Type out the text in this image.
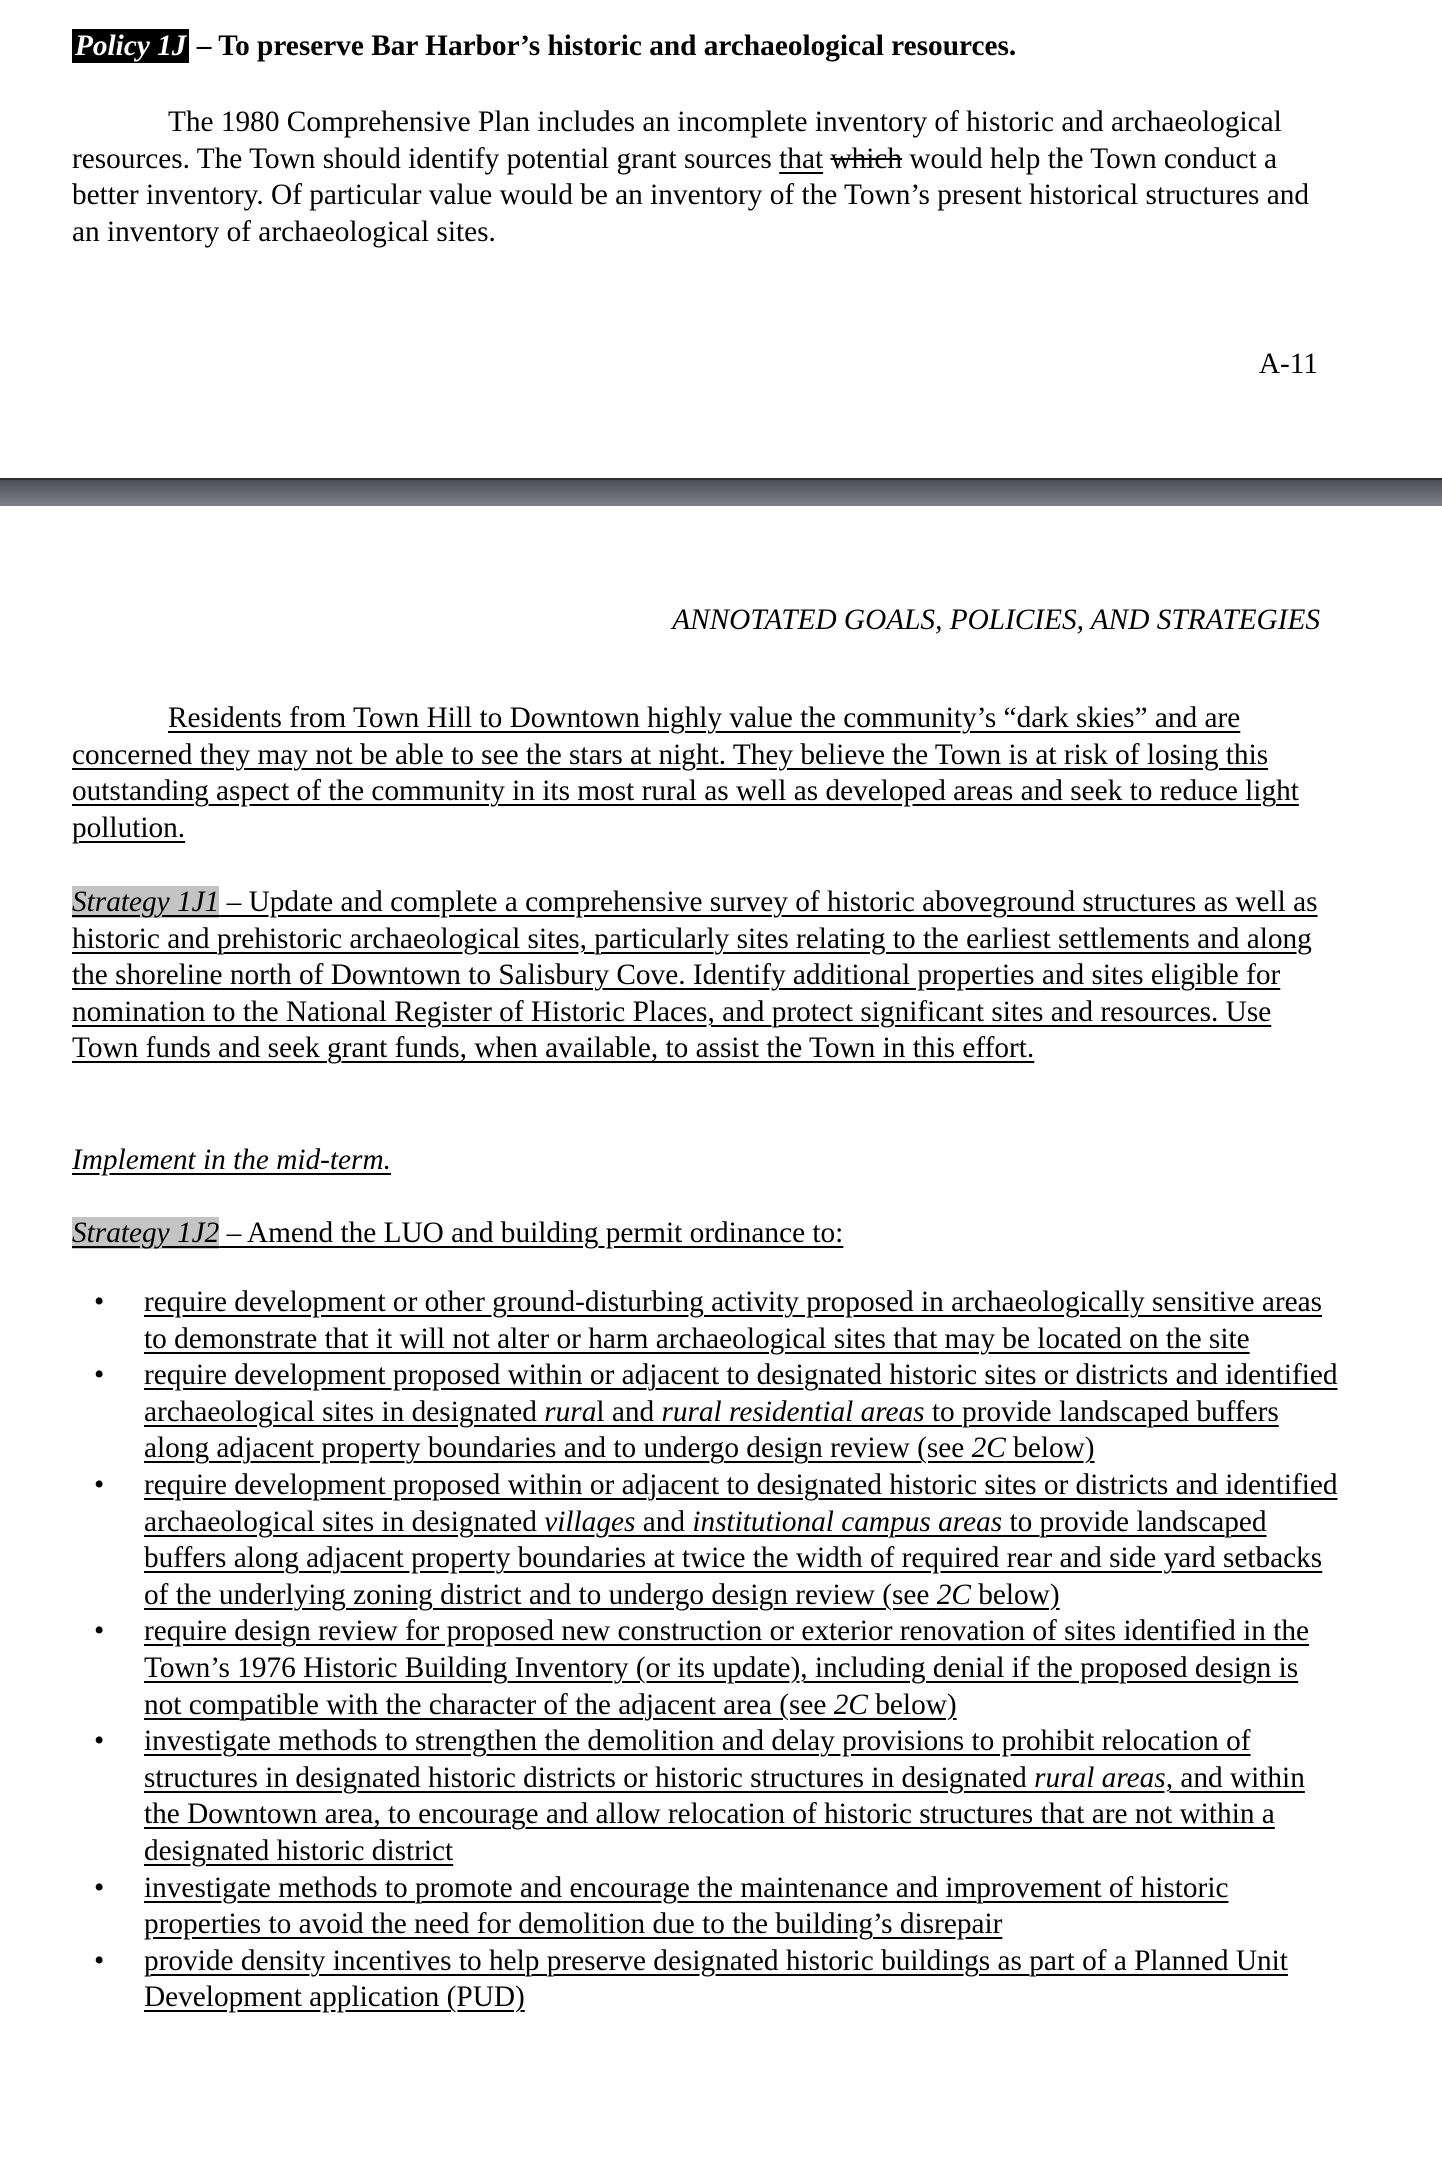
Policy 1J – To preserve Bar Harbor’s historic and archaeological resources.

The 1980 Comprehensive Plan includes an incomplete inventory of historic and archaeological resources. The Town should identify potential grant sources that which would help the Town conduct a better inventory. Of particular value would be an inventory of the Town’s present historical structures and an inventory of archaeological sites.

A-11
ANNOTATED GOALS, POLICIES, AND STRATEGIES

Residents from Town Hill to Downtown highly value the community’s “dark skies” and are concerned they may not be able to see the stars at night. They believe the Town is at risk of losing this outstanding aspect of the community in its most rural as well as developed areas and seek to reduce light pollution.

Strategy 1J1 – Update and complete a comprehensive survey of historic aboveground structures as well as historic and prehistoric archaeological sites, particularly sites relating to the earliest settlements and along the shoreline north of Downtown to Salisbury Cove. Identify additional properties and sites eligible for nomination to the National Register of Historic Places, and protect significant sites and resources. Use Town funds and seek grant funds, when available, to assist the Town in this effort.

Implement in the mid-term.

Strategy 1J2 – Amend the LUO and building permit ordinance to:

• require development or other ground-disturbing activity proposed in archaeologically sensitive areas to demonstrate that it will not alter or harm archaeological sites that may be located on the site
• require development proposed within or adjacent to designated historic sites or districts and identified archaeological sites in designated rural and rural residential areas to provide landscaped buffers along adjacent property boundaries and to undergo design review (see 2C below)
• require development proposed within or adjacent to designated historic sites or districts and identified archaeological sites in designated villages and institutional campus areas to provide landscaped buffers along adjacent property boundaries at twice the width of required rear and side yard setbacks of the underlying zoning district and to undergo design review (see 2C below)
• require design review for proposed new construction or exterior renovation of sites identified in the Town’s 1976 Historic Building Inventory (or its update), including denial if the proposed design is not compatible with the character of the adjacent area (see 2C below)
• investigate methods to strengthen the demolition and delay provisions to prohibit relocation of structures in designated historic districts or historic structures in designated rural areas, and within the Downtown area, to encourage and allow relocation of historic structures that are not within a designated historic district
• investigate methods to promote and encourage the maintenance and improvement of historic properties to avoid the need for demolition due to the building’s disrepair
• provide density incentives to help preserve designated historic buildings as part of a Planned Unit Development application (PUD)
